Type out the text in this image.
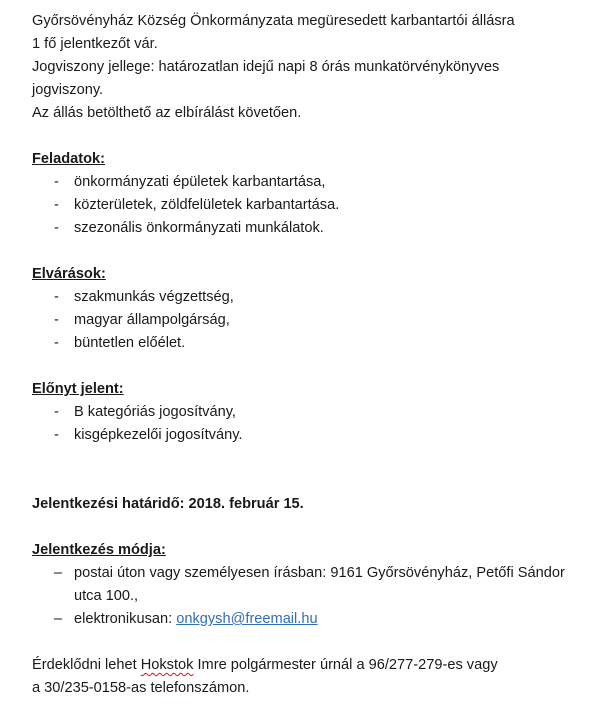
Győrsövényház Község Önkormányzata megüresedett karbantartói állásra
1 fő jelentkezőt vár.
Jogviszony jellege: határozatlan idejű napi 8 órás munkatörvénykönyves
jogviszony.
Az állás betölthető az elbírálást követően.
Feladatok:
- önkormányzati épületek karbantartása,
- közterületek, zöldfelületek karbantartása.
- szezonális önkormányzati munkálatok.
Elvárások:
- szakmunkás végzettség,
- magyar állampolgárság,
- büntetlen előélet.
Előnyt jelent:
- B kategóriás jogosítvány,
- kisgépkezelői jogosítvány.
Jelentkezési határidő: 2018. február 15.
Jelentkezés módja:
– postai úton vagy személyesen írásban: 9161 Győrsövényház, Petőfi Sándor utca 100.,
– elektronikusan: onkgysh@freemail.hu
Érdeklődni lehet Hokstok Imre polgármester úrnál a 96/277-279-es vagy
a 30/235-0158-as telefonszámon.
